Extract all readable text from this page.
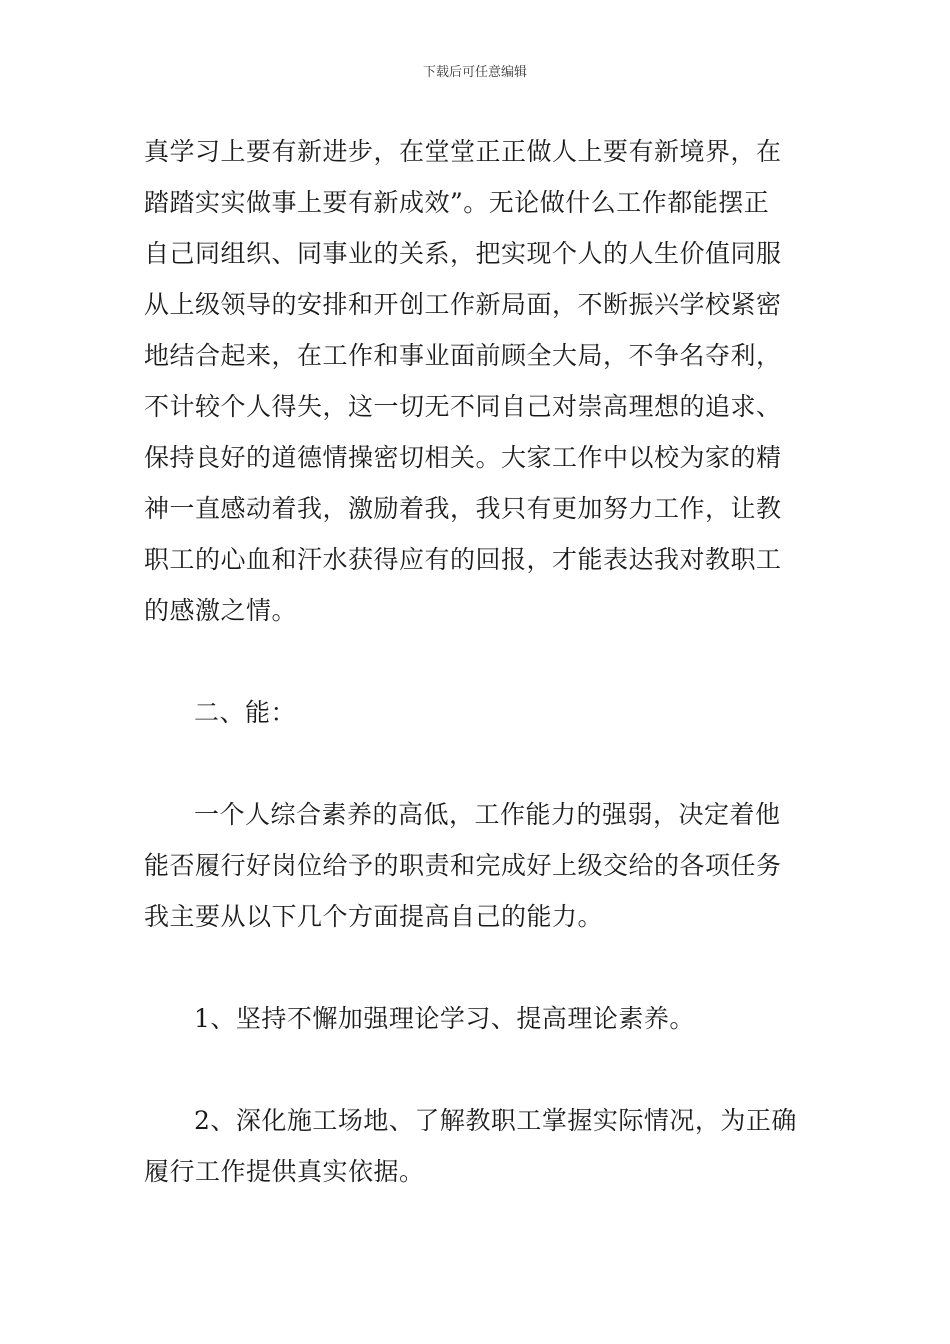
下载后可任意编辑
真学习上要有新进步，在堂堂正正做人上要有新境界，在
踏踏实实做事上要有新成效”。无论做什么工作都能摆正
自己同组织、同事业的关系，把实现个人的人生价值同服
从上级领导的安排和开创工作新局面，不断振兴学校紧密
地结合起来，在工作和事业面前顾全大局，不争名夺利，
不计较个人得失，这一切无不同自己对崇高理想的追求、
保持良好的道德情操密切相关。大家工作中以校为家的精
神一直感动着我，激励着我，我只有更加努力工作，让教
职工的心血和汗水获得应有的回报，才能表达我对教职工
的感激之情。
二、能：
一个人综合素养的高低，工作能力的强弱，决定着他
能否履行好岗位给予的职责和完成好上级交给的各项任务
我主要从以下几个方面提高自己的能力。
1、坚持不懈加强理论学习、提高理论素养。
2、深化施工场地、了解教职工掌握实际情况，为正确
履行工作提供真实依据。
